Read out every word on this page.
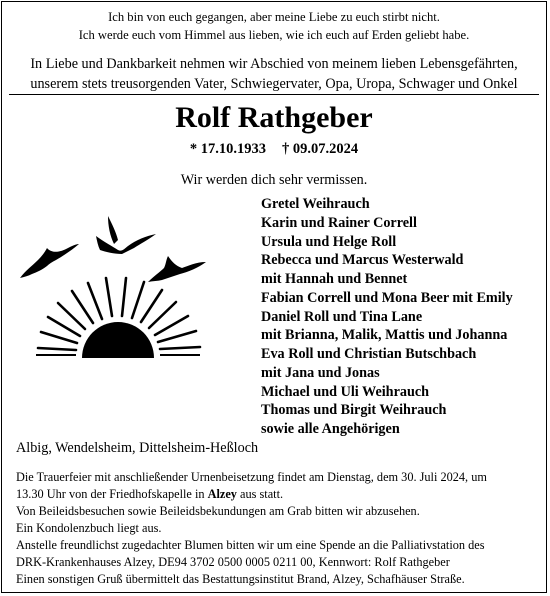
Ich bin von euch gegangen, aber meine Liebe zu euch stirbt nicht.
Ich werde euch vom Himmel aus lieben, wie ich euch auf Erden geliebt habe.
In Liebe und Dankbarkeit nehmen wir Abschied von meinem lieben Lebensgefährten,
unserem stets treusorgenden Vater, Schwiegervater, Opa, Uropa, Schwager und Onkel
Rolf Rathgeber
* 17.10.1933 † 09.07.2024
Wir werden dich sehr vermissen.
Gretel Weihrauch
Karin und Rainer Correll
Ursula und Helge Roll
Rebecca und Marcus Westerwald
mit Hannah und Bennet
Fabian Correll und Mona Beer mit Emily
Daniel Roll und Tina Lane
mit Brianna, Malik, Mattis und Johanna
Eva Roll und Christian Butschbach
mit Jana und Jonas
Michael und Uli Weihrauch
Thomas und Birgit Weihrauch
sowie alle Angehörigen
Albig, Wendelsheim, Dittelsheim-Heßloch
Die Trauerfeier mit anschließender Urnenbeisetzung findet am Dienstag, dem 30. Juli 2024, um
13.30 Uhr von der Friedhofskapelle in Alzey aus statt.
Von Beileidsbesuchen sowie Beileidsbekundungen am Grab bitten wir abzusehen.
Ein Kondolenzbuch liegt aus.
Anstelle freundlichst zugedachter Blumen bitten wir um eine Spende an die Palliativstation des
DRK-Krankenhauses Alzey, DE94 3702 0500 0005 0211 00, Kennwort: Rolf Rathgeber
Einen sonstigen Gruß übermittelt das Bestattungsinstitut Brand, Alzey, Schafhäuser Straße.
